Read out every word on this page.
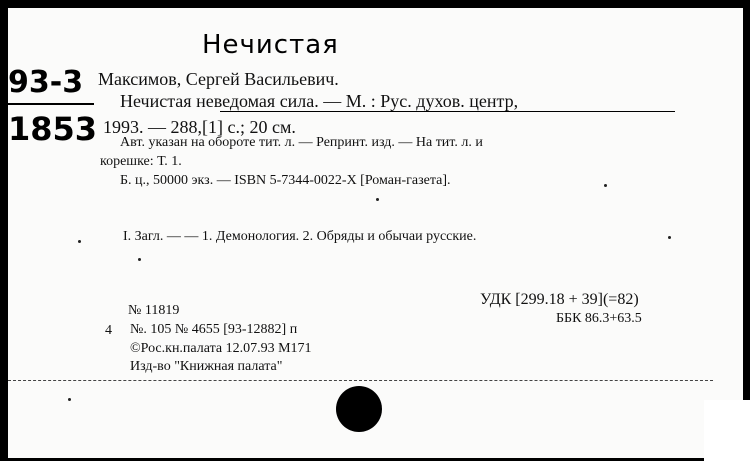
Нечистая
93-3
1853
Максимов, Сергей Васильевич.
Нечистая неведомая сила. — М. : Рус. духов. центр,
1993. — 288,[1] с.; 20 см.
Авт. указан на обороте тит. л. — Репринт. изд. — На тит. л. и
корешке: Т. 1.
Б. ц., 50000 экз. — ISBN 5-7344-0022-X [Роман-газета].
I. Загл. — — 1. Демонология. 2. Обряды и обычаи русские.
№ 11819
4 №. 105 № 4655 [93-12882] п
©Рос.кн.палата 12.07.93 М171
Изд-во "Книжная палата"
УДК [299.18 + 39](=82)
ББК 86.3+63.5
